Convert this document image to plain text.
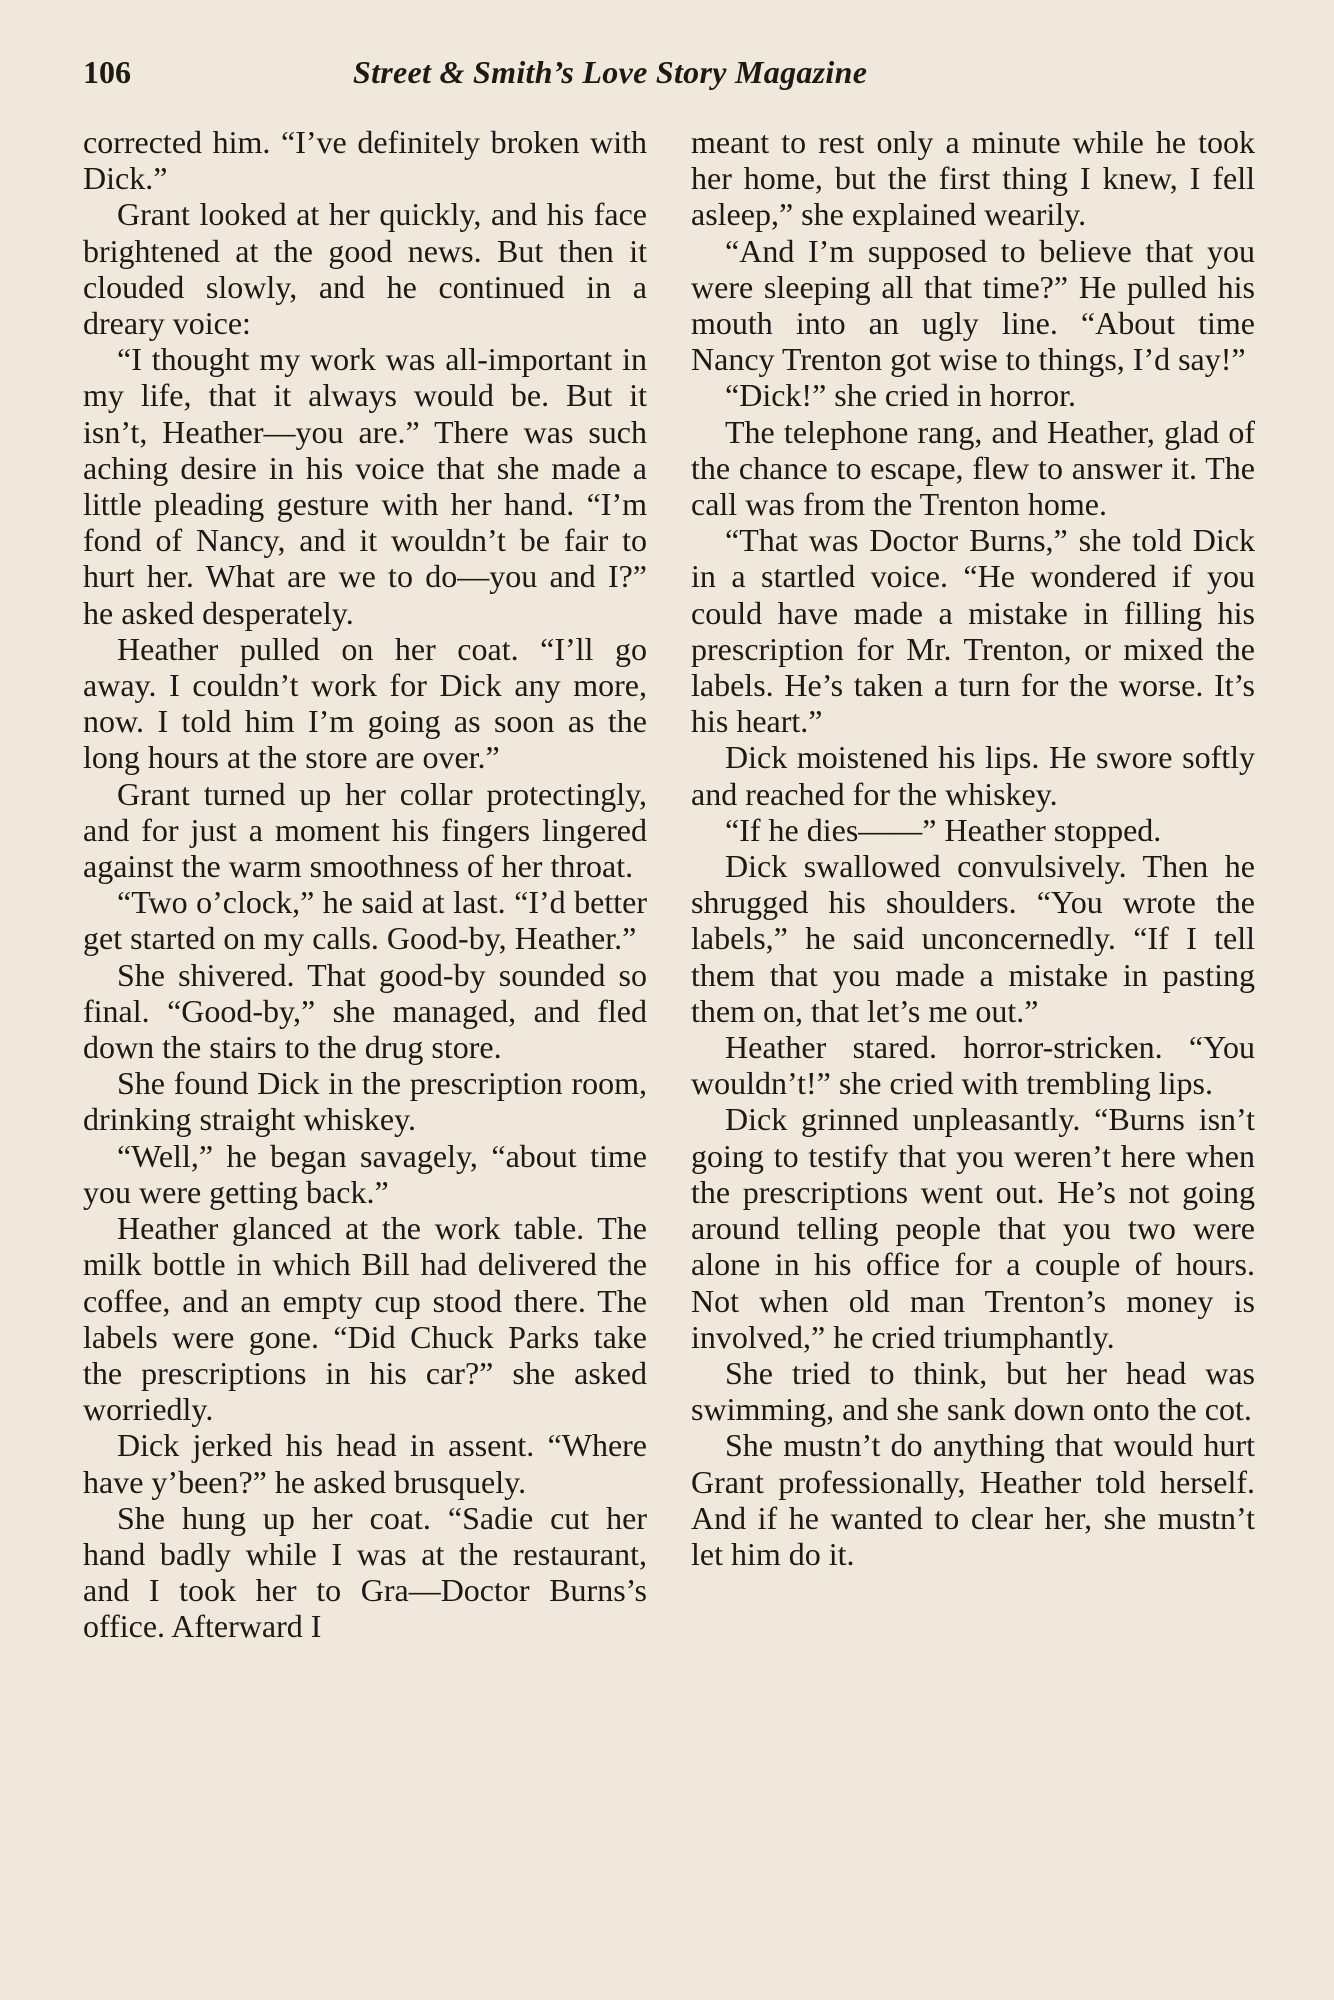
106	Street & Smith’s Love Story Magazine

corrected him. “I’ve definitely broken with Dick.”

Grant looked at her quickly, and his face brightened at the good news. But then it clouded slowly, and he continued in a dreary voice:

“I thought my work was all-important in my life, that it always would be. But it isn’t, Heather—you are.” There was such aching desire in his voice that she made a little pleading gesture with her hand. “I’m fond of Nancy, and it wouldn’t be fair to hurt her. What are we to do—you and I?” he asked desperately.

Heather pulled on her coat. “I’ll go away. I couldn’t work for Dick any more, now. I told him I’m going as soon as the long hours at the store are over.”

Grant turned up her collar protectingly, and for just a moment his fingers lingered against the warm smoothness of her throat.

“Two o’clock,” he said at last. “I’d better get started on my calls. Good-by, Heather.”

She shivered. That good-by sounded so final. “Good-by,” she managed, and fled down the stairs to the drug store.

She found Dick in the prescription room, drinking straight whiskey.

“Well,” he began savagely, “about time you were getting back.”

Heather glanced at the work table. The milk bottle in which Bill had delivered the coffee, and an empty cup stood there. The labels were gone. “Did Chuck Parks take the prescriptions in his car?” she asked worriedly.

Dick jerked his head in assent. “Where have y’been?” he asked brusquely.

She hung up her coat. “Sadie cut her hand badly while I was at the restaurant, and I took her to Gra—Doctor Burns’s office. Afterward I

meant to rest only a minute while he took her home, but the first thing I knew, I fell asleep,” she explained wearily.

“And I’m supposed to believe that you were sleeping all that time?” He pulled his mouth into an ugly line. “About time Nancy Trenton got wise to things, I’d say!”

“Dick!” she cried in horror.

The telephone rang, and Heather, glad of the chance to escape, flew to answer it. The call was from the Trenton home.

“That was Doctor Burns,” she told Dick in a startled voice. “He wondered if you could have made a mistake in filling his prescription for Mr. Trenton, or mixed the labels. He’s taken a turn for the worse. It’s his heart.”

Dick moistened his lips. He swore softly and reached for the whiskey.

“If he dies——” Heather stopped.

Dick swallowed convulsively. Then he shrugged his shoulders. “You wrote the labels,” he said unconcernedly. “If I tell them that you made a mistake in pasting them on, that let’s me out.”

Heather stared. horror-stricken. “You wouldn’t!” she cried with trembling lips.

Dick grinned unpleasantly. “Burns isn’t going to testify that you weren’t here when the prescriptions went out. He’s not going around telling people that you two were alone in his office for a couple of hours. Not when old man Trenton’s money is involved,” he cried triumphantly.

She tried to think, but her head was swimming, and she sank down onto the cot.

She mustn’t do anything that would hurt Grant professionally, Heather told herself. And if he wanted to clear her, she mustn’t let him do it.
